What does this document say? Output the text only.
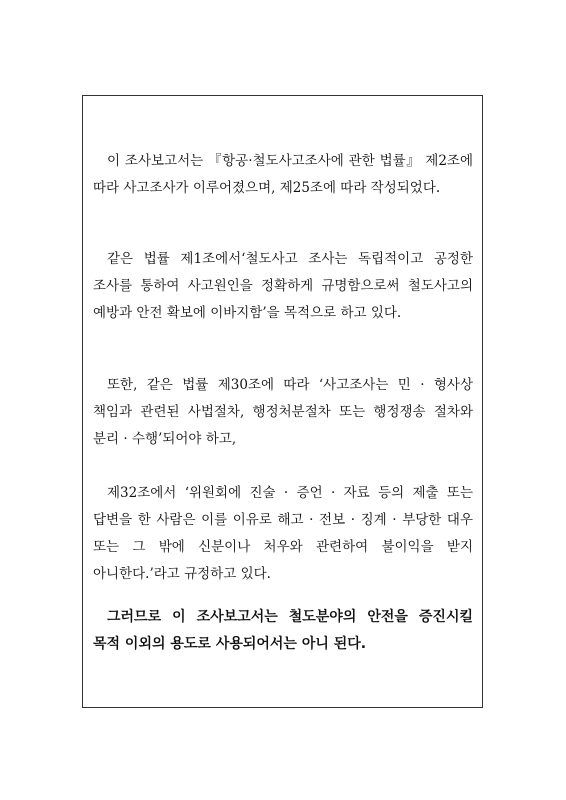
이 조사보고서는 『항공·철도사고조사에 관한 법률』 제2조에 따라 사고조사가 이루어졌으며, 제25조에 따라 작성되었다.

같은 법률 제1조에서‘철도사고 조사는 독립적이고 공정한 조사를 통하여 사고원인을 정확하게 규명함으로써 철도사고의 예방과 안전 확보에 이바지함’을 목적으로 하고 있다.

또한, 같은 법률 제30조에 따라 ‘사고조사는 민 · 형사상 책임과 관련된 사법절차, 행정처분절차 또는 행정쟁송 절차와 분리 · 수행’되어야 하고,

제32조에서 ‘위원회에 진술 · 증언 · 자료 등의 제출 또는 답변을 한 사람은 이를 이유로 해고 · 전보 · 징계 · 부당한 대우 또는 그 밖에 신분이나 처우와 관련하여 불이익을 받지 아니한다.’라고 규정하고 있다.

그러므로 이 조사보고서는 철도분야의 안전을 증진시킬 목적 이외의 용도로 사용되어서는 아니 된다.
